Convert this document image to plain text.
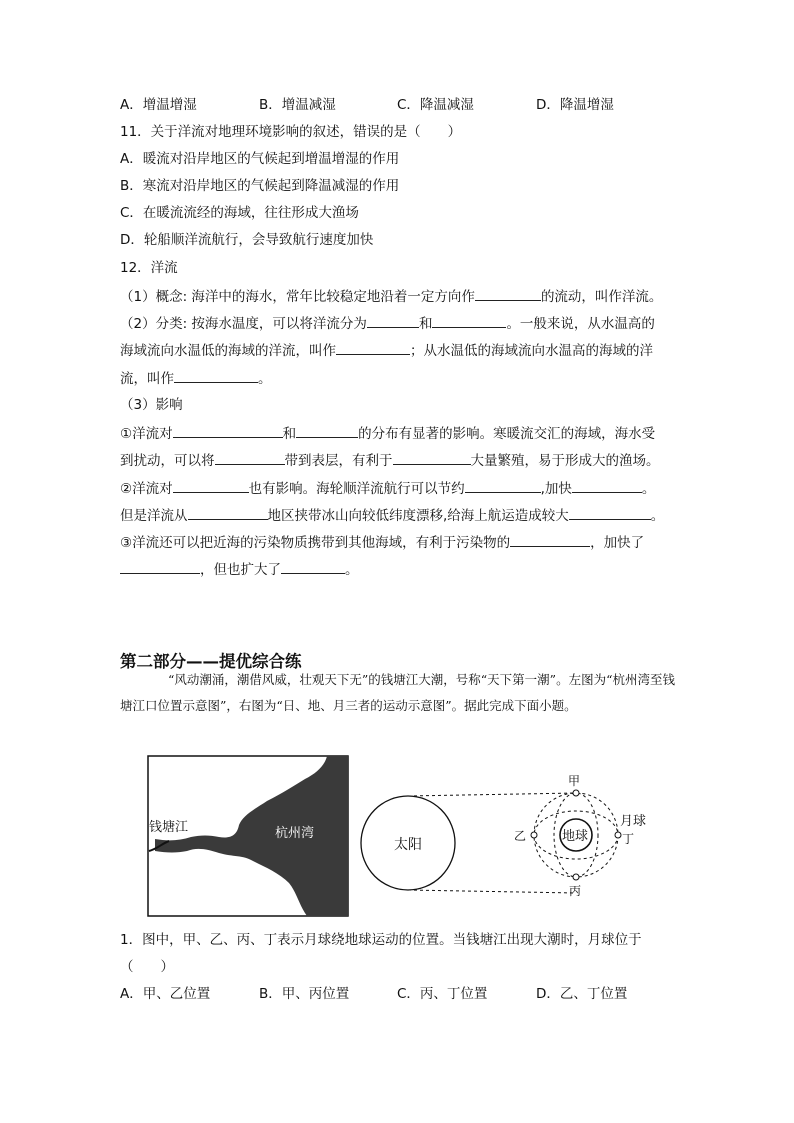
A．增温增湿	B．增温减湿	C．降温减湿	D．降温增湿
11．关于洋流对地理环境影响的叙述，错误的是（　　）
A．暖流对沿岸地区的气候起到增温增湿的作用
B．寒流对沿岸地区的气候起到降温减湿的作用
C．在暖流流经的海域，往往形成大渔场
D．轮船顺洋流航行，会导致航行速度加快
12．洋流
（1）概念: 海洋中的海水，常年比较稳定地沿着一定方向作	的流动，叫作洋流。
（2）分类: 按海水温度，可以将洋流分为	和	。一般来说，从水温高的
海域流向水温低的海域的洋流，叫作	；从水温低的海域流向水温高的海域的洋
流，叫作	。
（3）影响
①洋流对	和	的分布有显著的影响。寒暖流交汇的海域，海水受
到扰动，可以将	带到表层，有利于	大量繁殖，易于形成大的渔场。
②洋流对	也有影响。海轮顺洋流航行可以节约	,加快	。
但是洋流从	地区挟带冰山向较低纬度漂移,给海上航运造成较大	。
③洋流还可以把近海的污染物质携带到其他海域，有利于污染物的	，加快了
，但也扩大了	。
第二部分——提优综合练
“风动潮涌，潮借风威，壮观天下无”的钱塘江大潮，号称“天下第一潮”。左图为“杭州湾至钱塘江口位置示意图”，右图为“日、地、月三者的运动示意图”。据此完成下面小题。
钱塘江	杭州湾
太阳
地球
甲
乙
丙
丁
月球
1．图中，甲、乙、丙、丁表示月球绕地球运动的位置。当钱塘江出现大潮时，月球位于
（　　）
A．甲、乙位置	B．甲、丙位置	C．丙、丁位置	D．乙、丁位置
